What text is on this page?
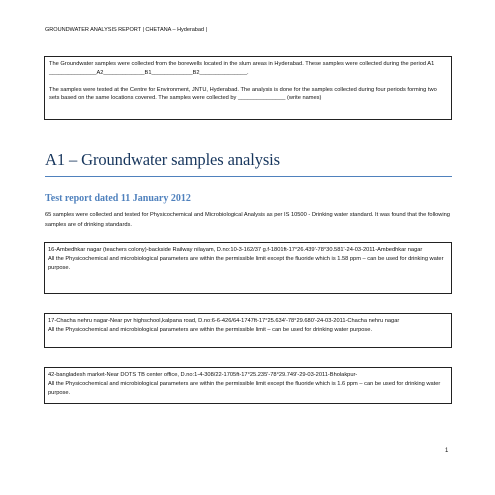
GROUNDWATER ANALYSIS REPORT | CHETANA – Hyderabad |

The Groundwater samples were collected from the borewells located in the slum areas in Hyderabad. These samples were collected during the period A1 _______________A2_____________B1_____________B2_______________.

The samples were tested at the Centre for Environment, JNTU, Hyderabad. The analysis is done for the samples collected during four periods forming two sets based on the same locations covered. The samples were collected by _______________ (write names)

A1 – Groundwater samples analysis
Test report dated 11 January 2012
65 samples were collected and tested for Physicochemical and Microbiological Analysis as per IS 10500 - Drinking water standard. It was found that the following samples are of drinking standards.
16-Ambedhkar nagar (teachers colony)-backside Railway nilayam, D.no:10-3-162/37 g.f-1801ft-17°26.439'-78°30.581'-24-03-2011-Ambedhkar nagar
All the Physicochemical and microbiological parameters are within the permissible limit except the fluoride which is 1.58 ppm – can be used for drinking water purpose.
17-Chacha nehru nagar-Near pvr highschool,kalpana road, D.no:6-6-426/64-1747ft-17°25.634'-78°29.680'-24-03-2011-Chacha nehru nagar
All the Physicochemical and microbiological parameters are within the permissible limit – can be used for drinking water purpose.
42-bangladesh market-Near DOTS TB center office, D.no:1-4-308/22-1705ft-17°25.235'-78°29.749'-29-03-2011-Bholakpur-
All the Physicochemical and microbiological parameters are within the permissible limit except the fluoride which is 1.6 ppm – can be used for drinking water purpose.
1
